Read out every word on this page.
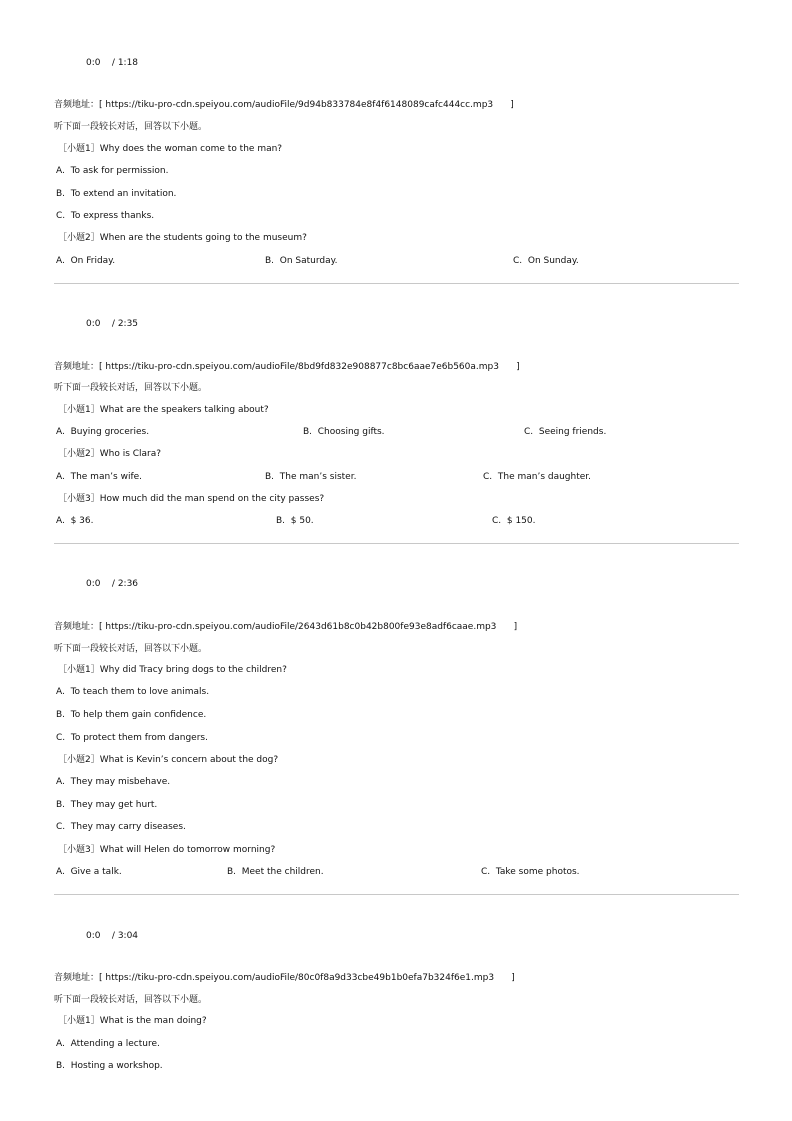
0:0    / 1:18
音频地址：[ https://tiku-pro-cdn.speiyou.com/audioFile/9d94b833784e8f4f6148089cafc444cc.mp3      ]
听下面一段较长对话，回答以下小题。
［小题1］Why does the woman come to the man?
A.  To ask for permission.
B.  To extend an invitation.
C.  To express thanks.
［小题2］When are the students going to the museum?
A.  On Friday.	B.  On Saturday.	C.  On Sunday.
0:0    / 2:35
音频地址：[ https://tiku-pro-cdn.speiyou.com/audioFile/8bd9fd832e908877c8bc6aae7e6b560a.mp3      ]
听下面一段较长对话，回答以下小题。
［小题1］What are the speakers talking about?
A.  Buying groceries.	B.  Choosing gifts.	C.  Seeing friends.
［小题2］Who is Clara?
A.  The man’s wife.	B.  The man’s sister.	C.  The man’s daughter.
［小题3］How much did the man spend on the city passes?
A.  $ 36.	B.  $ 50.	C.  $ 150.
0:0    / 2:36
音频地址：[ https://tiku-pro-cdn.speiyou.com/audioFile/2643d61b8c0b42b800fe93e8adf6caae.mp3      ]
听下面一段较长对话，回答以下小题。
［小题1］Why did Tracy bring dogs to the children?
A.  To teach them to love animals.
B.  To help them gain confidence.
C.  To protect them from dangers.
［小题2］What is Kevin’s concern about the dog?
A.  They may misbehave.
B.  They may get hurt.
C.  They may carry diseases.
［小题3］What will Helen do tomorrow morning?
A.  Give a talk.	B.  Meet the children.	C.  Take some photos.
0:0    / 3:04
音频地址：[ https://tiku-pro-cdn.speiyou.com/audioFile/80c0f8a9d33cbe49b1b0efa7b324f6e1.mp3      ]
听下面一段较长对话，回答以下小题。
［小题1］What is the man doing?
A.  Attending a lecture.
B.  Hosting a workshop.
